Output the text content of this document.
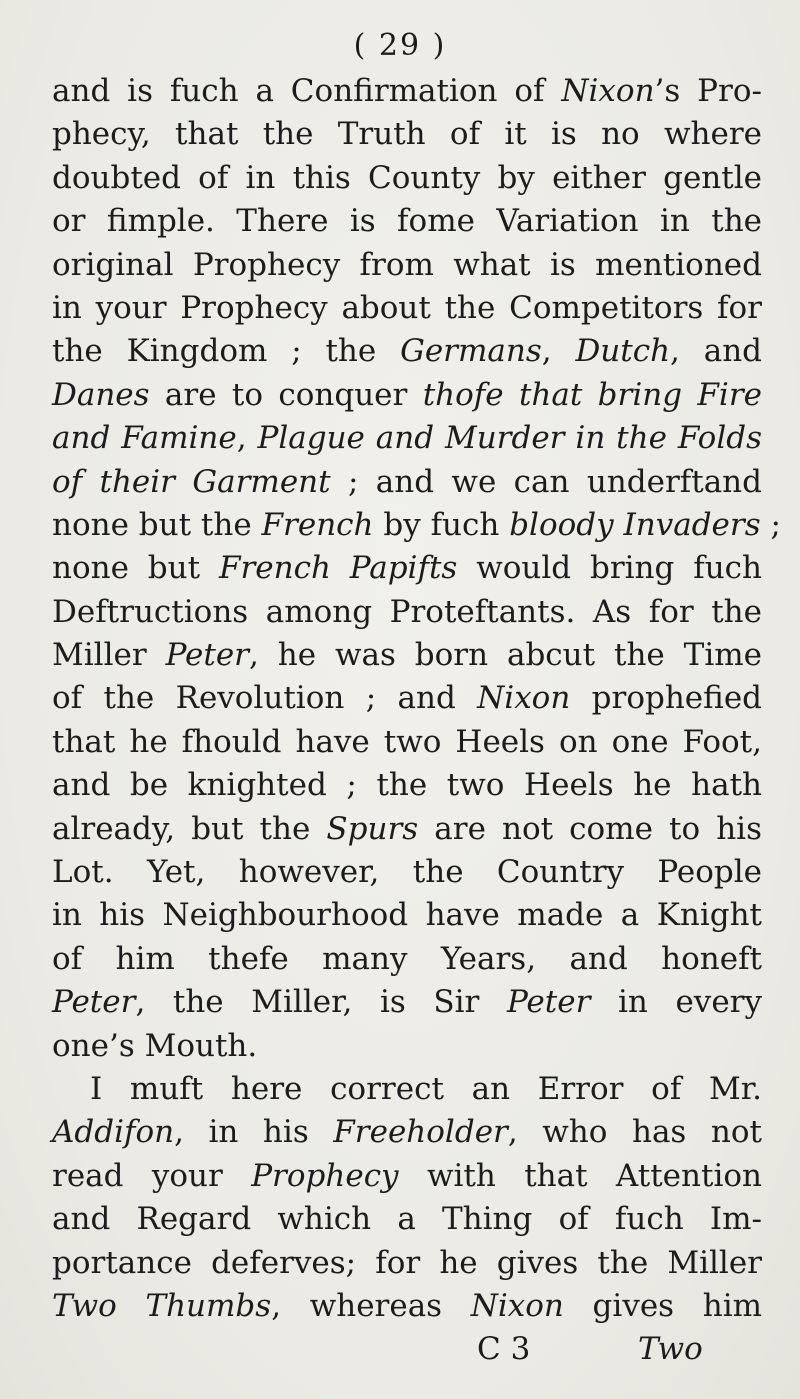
( 29 )
and is fuch a Confirmation of Nixon’s Pro-
phecy, that the Truth of it is no where
doubted of in this County by either gentle
or fimple. There is fome Variation in the
original Prophecy from what is mentioned
in your Prophecy about the Competitors for
the Kingdom ; the Germans, Dutch, and
Danes are to conquer thofe that bring Fire
and Famine, Plague and Murder in the Folds
of their Garment ; and we can underftand
none but the French by fuch bloody Invaders ;
none but French Papifts would bring fuch
Deftructions among Proteftants. As for the
Miller Peter, he was born abcut the Time
of the Revolution ; and Nixon prophefied
that he fhould have two Heels on one Foot,
and be knighted ; the two Heels he hath
already, but the Spurs are not come to his
Lot. Yet, however, the Country People
in his Neighbourhood have made a Knight
of him thefe many Years, and honeft
Peter, the Miller, is Sir Peter in every
one’s Mouth.
I muft here correct an Error of Mr.
Addifon, in his Freeholder, who has not
read your Prophecy with that Attention
and Regard which a Thing of fuch Im-
portance deferves; for he gives the Miller
Two Thumbs, whereas Nixon gives him
C 3	Two
